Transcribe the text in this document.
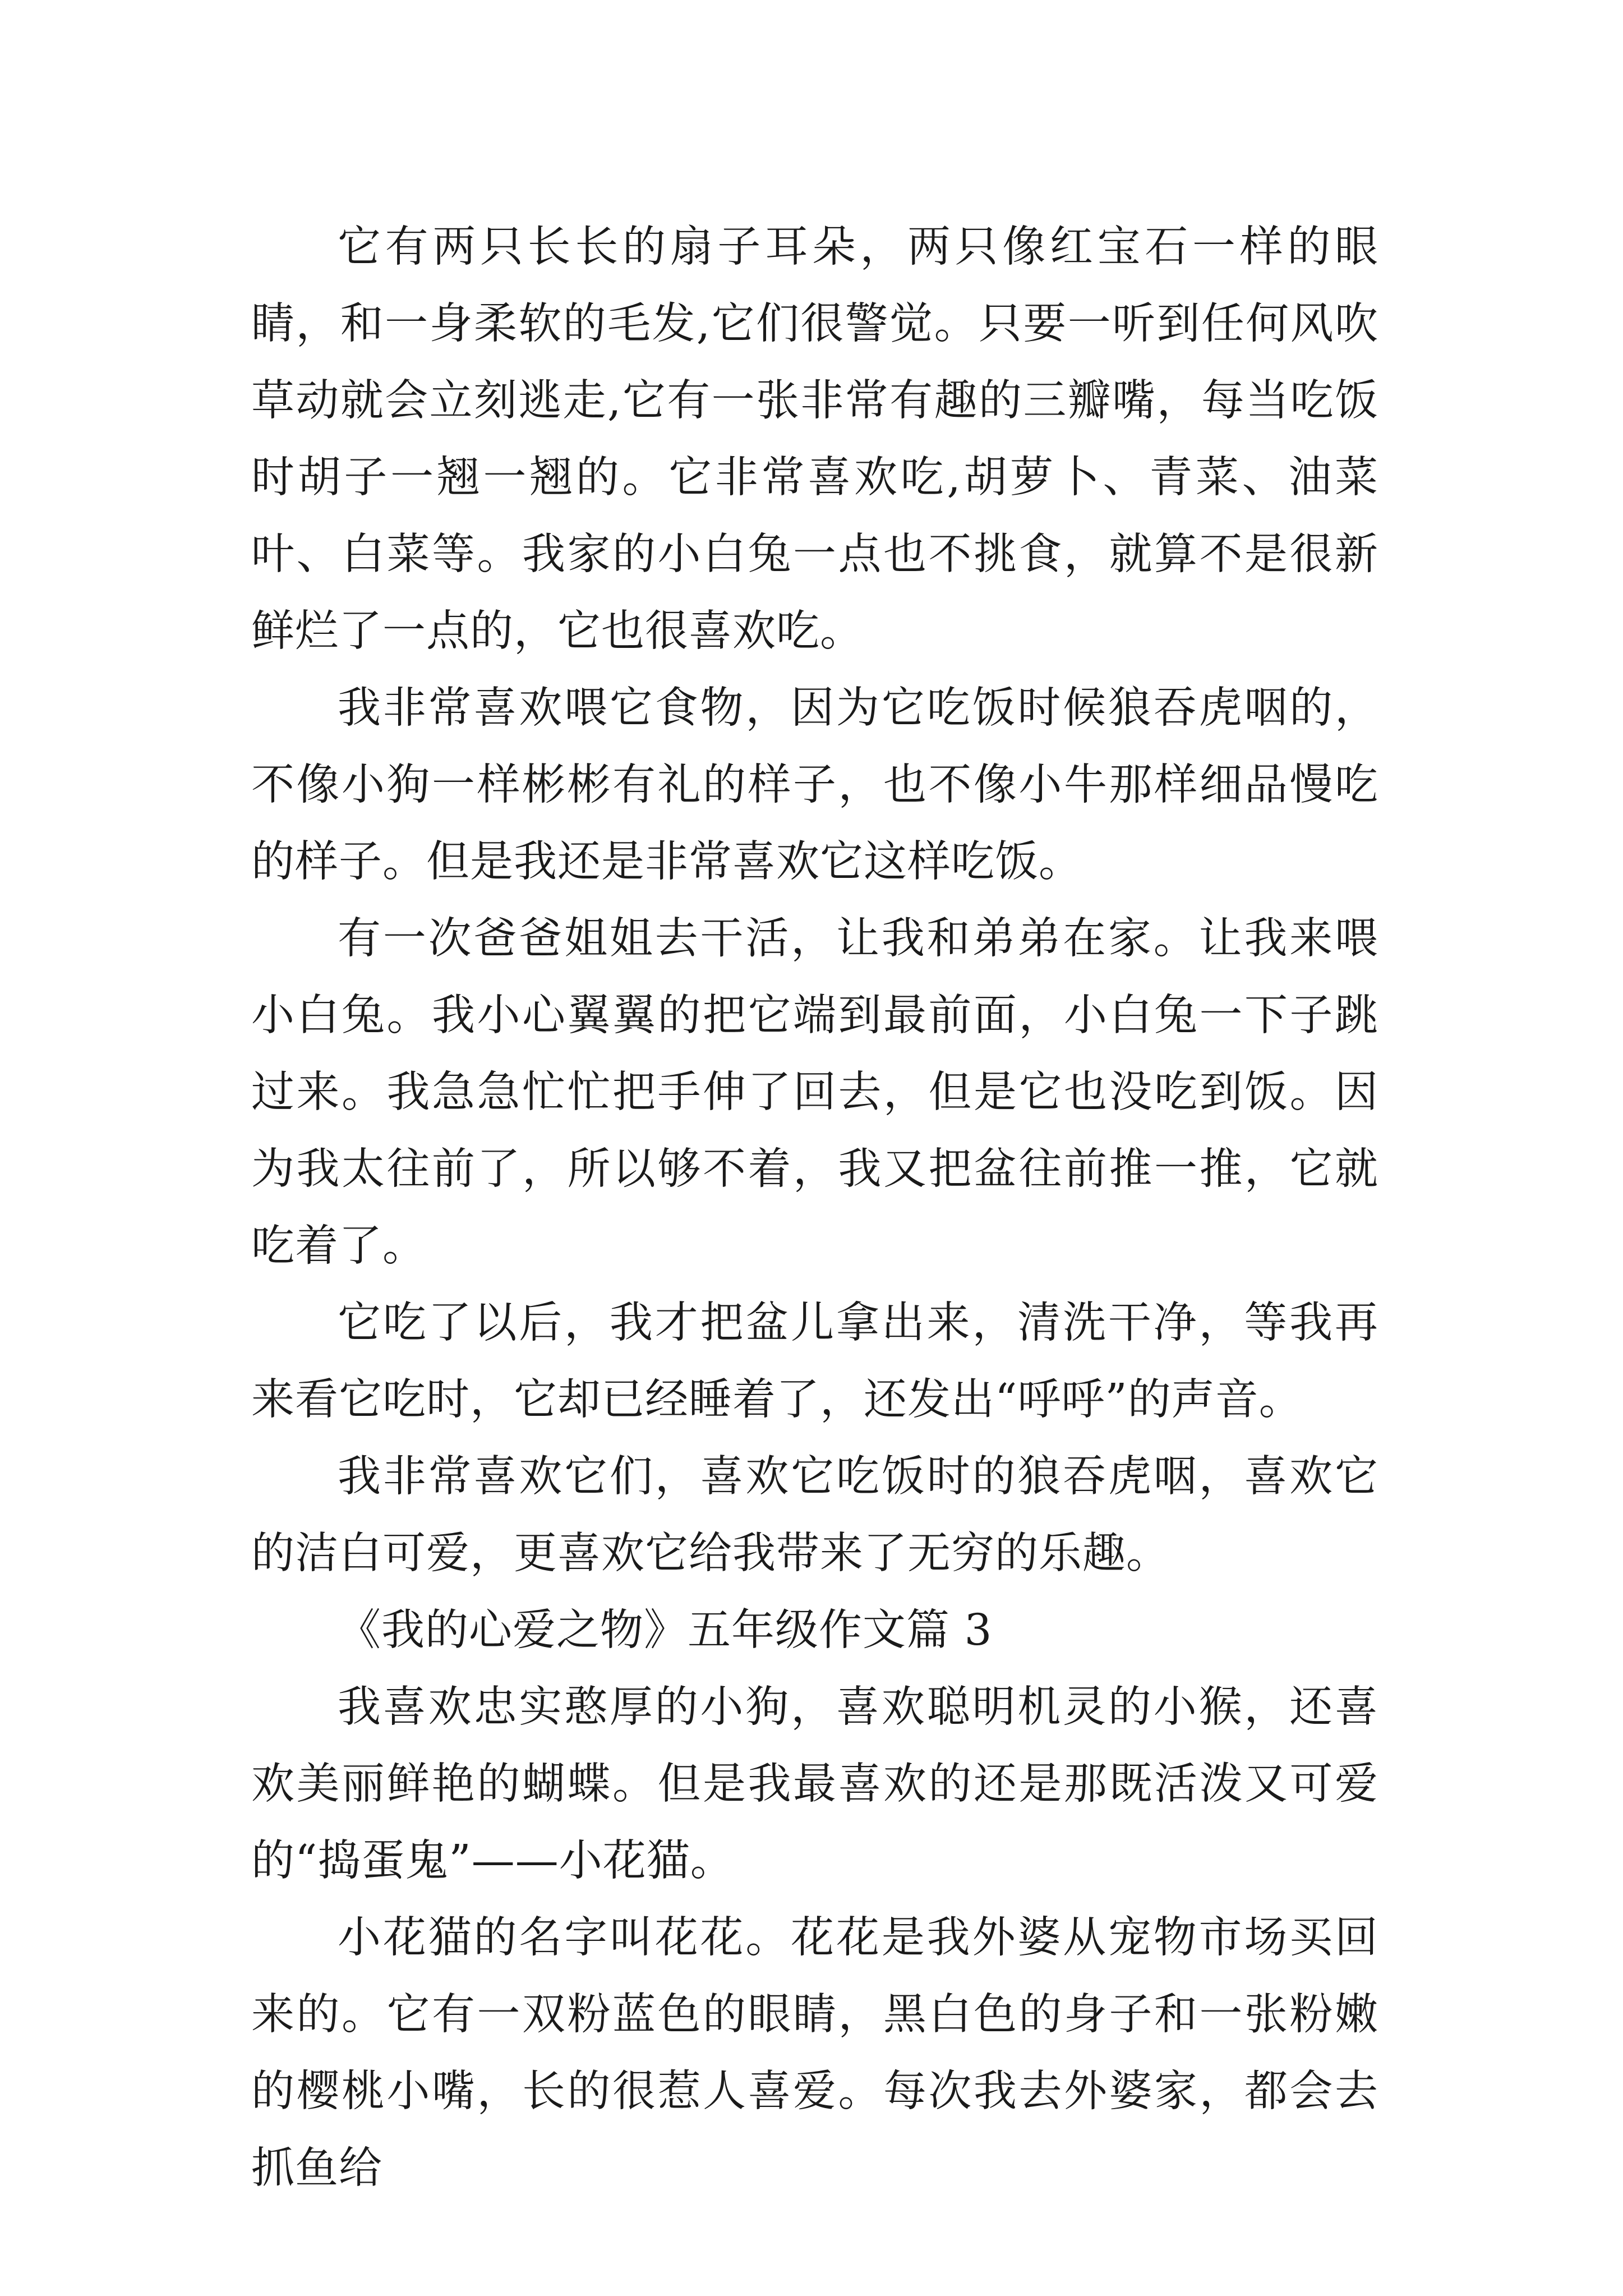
它有两只长长的扇子耳朵，两只像红宝石一样的眼睛，和一身柔软的毛发,它们很警觉。只要一听到任何风吹草动就会立刻逃走,它有一张非常有趣的三瓣嘴，每当吃饭时胡子一翘一翘的。它非常喜欢吃,胡萝卜、青菜、油菜叶、白菜等。我家的小白兔一点也不挑食，就算不是很新鲜烂了一点的，它也很喜欢吃。

我非常喜欢喂它食物，因为它吃饭时候狼吞虎咽的，不像小狗一样彬彬有礼的样子，也不像小牛那样细品慢吃的样子。但是我还是非常喜欢它这样吃饭。

有一次爸爸姐姐去干活，让我和弟弟在家。让我来喂小白兔。我小心翼翼的把它端到最前面，小白兔一下子跳过来。我急急忙忙把手伸了回去，但是它也没吃到饭。因为我太往前了，所以够不着，我又把盆往前推一推，它就吃着了。

它吃了以后，我才把盆儿拿出来，清洗干净，等我再来看它吃时，它却已经睡着了，还发出“呼呼”的声音。

我非常喜欢它们，喜欢它吃饭时的狼吞虎咽，喜欢它的洁白可爱，更喜欢它给我带来了无穷的乐趣。

《我的心爱之物》五年级作文篇 3

我喜欢忠实憨厚的小狗，喜欢聪明机灵的小猴，还喜欢美丽鲜艳的蝴蝶。但是我最喜欢的还是那既活泼又可爱的“捣蛋鬼”——小花猫。

小花猫的名字叫花花。花花是我外婆从宠物市场买回来的。它有一双粉蓝色的眼睛，黑白色的身子和一张粉嫩的樱桃小嘴，长的很惹人喜爱。每次我去外婆家，都会去抓鱼给
